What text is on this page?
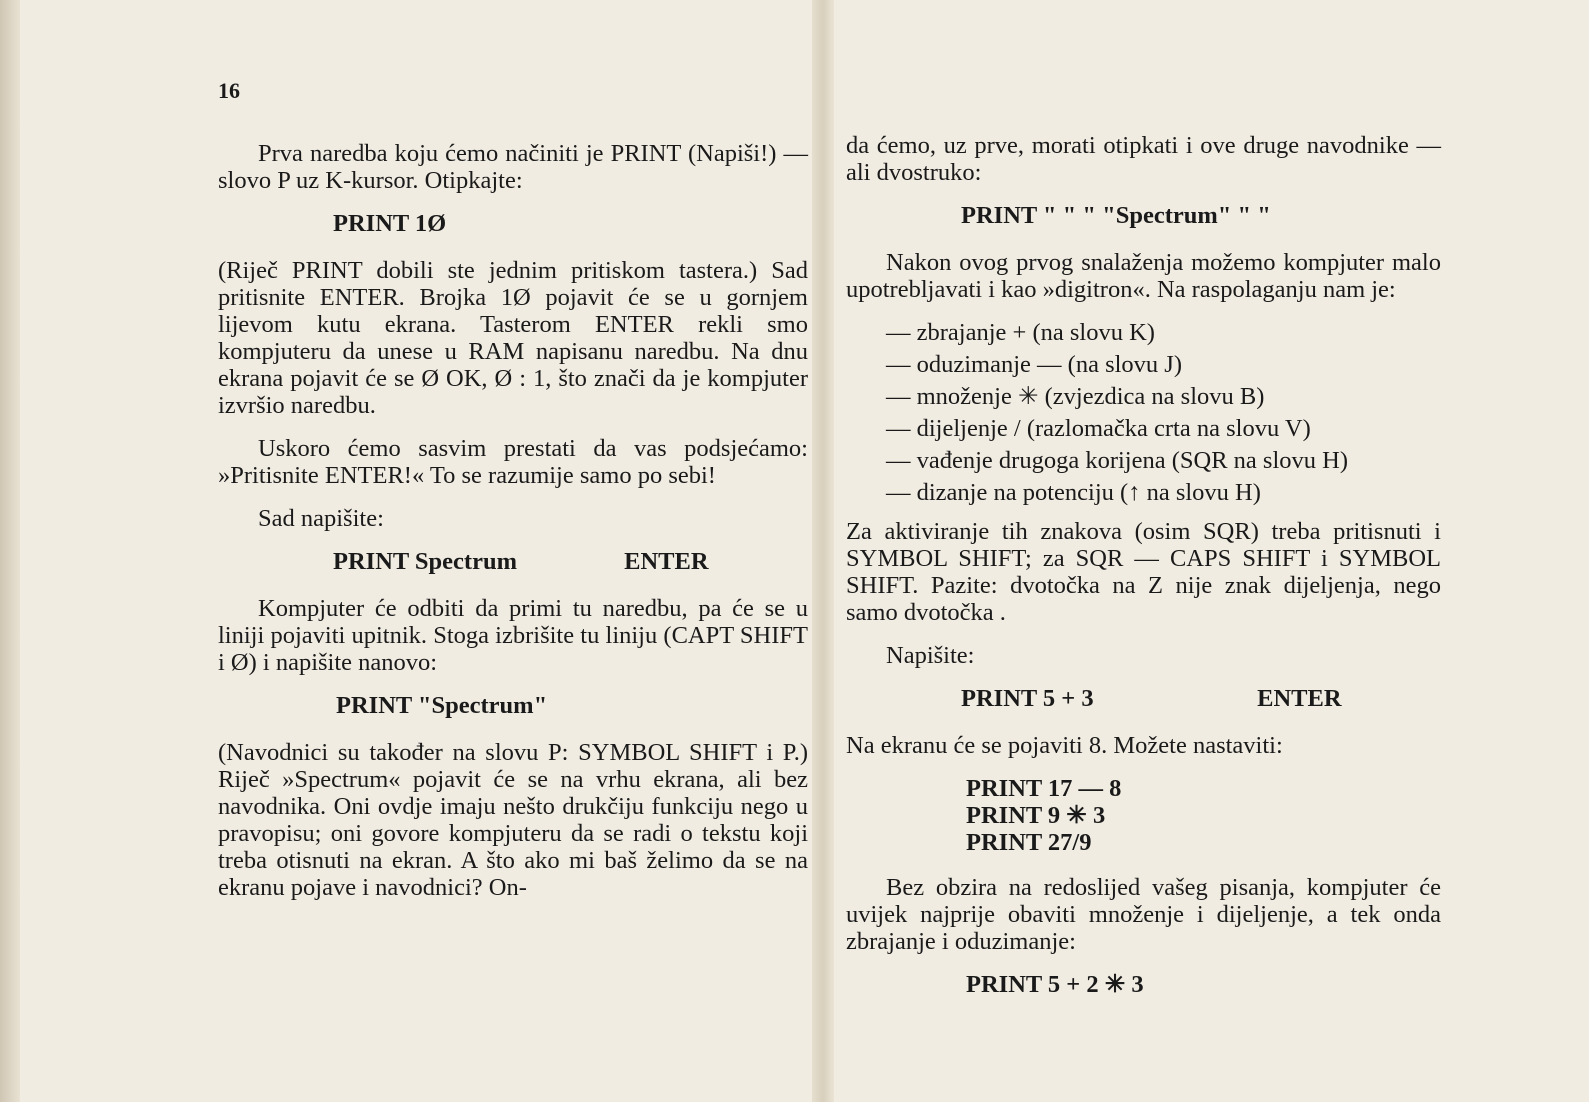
16

Prva naredba koju ćemo načiniti je PRINT (Napiši!) — slovo P uz K-kursor. Otipkajte:

PRINT 1Ø

(Riječ PRINT dobili ste jednim pritiskom tastera.) Sad pritisnite ENTER. Brojka 1Ø pojavit će se u gornjem lijevom kutu ekrana. Tasterom ENTER rekli smo kompjuteru da unese u RAM napisanu naredbu. Na dnu ekrana pojavit će se Ø OK, Ø : 1, što znači da je kompjuter izvršio naredbu.

Uskoro ćemo sasvim prestati da vas podsjećamo: »Pritisnite ENTER!« To se razumije samo po sebi!

Sad napišite:

PRINT Spectrum	ENTER

Kompjuter će odbiti da primi tu naredbu, pa će se u liniji pojaviti upitnik. Stoga izbrišite tu liniju (CAPT SHIFT i Ø) i napišite nanovo:

PRINT "Spectrum"

(Navodnici su također na slovu P: SYMBOL SHIFT i P.) Riječ »Spectrum« pojavit će se na vrhu ekrana, ali bez navodnika. Oni ovdje imaju nešto drukčiju funkciju nego u pravopisu; oni govore kompjuteru da se radi o tekstu koji treba otisnuti na ekran. A što ako mi baš želimo da se na ekranu pojave i navodnici? On-

da ćemo, uz prve, morati otipkati i ove druge navodnike — ali dvostruko:

PRINT " " " "Spectrum" " "

Nakon ovog prvog snalaženja možemo kompjuter malo upotrebljavati i kao »digitron«. Na raspolaganju nam je:

— zbrajanje + (na slovu K)
— oduzimanje — (na slovu J)
— množenje ✳ (zvjezdica na slovu B)
— dijeljenje / (razlomačka crta na slovu V)
— vađenje drugoga korijena (SQR na slovu H)
— dizanje na potenciju (↑ na slovu H)

Za aktiviranje tih znakova (osim SQR) treba pritisnuti i SYMBOL SHIFT; za SQR — CAPS SHIFT i SYMBOL SHIFT. Pazite: dvotočka na Z nije znak dijeljenja, nego samo dvotočka .

Napišite:

PRINT 5 + 3	ENTER

Na ekranu će se pojaviti 8. Možete nastaviti:

PRINT 17 — 8
PRINT 9 ✳ 3
PRINT 27/9

Bez obzira na redoslijed vašeg pisanja, kompjuter će uvijek najprije obaviti množenje i dijeljenje, a tek onda zbrajanje i oduzimanje:

PRINT 5 + 2 ✳ 3
